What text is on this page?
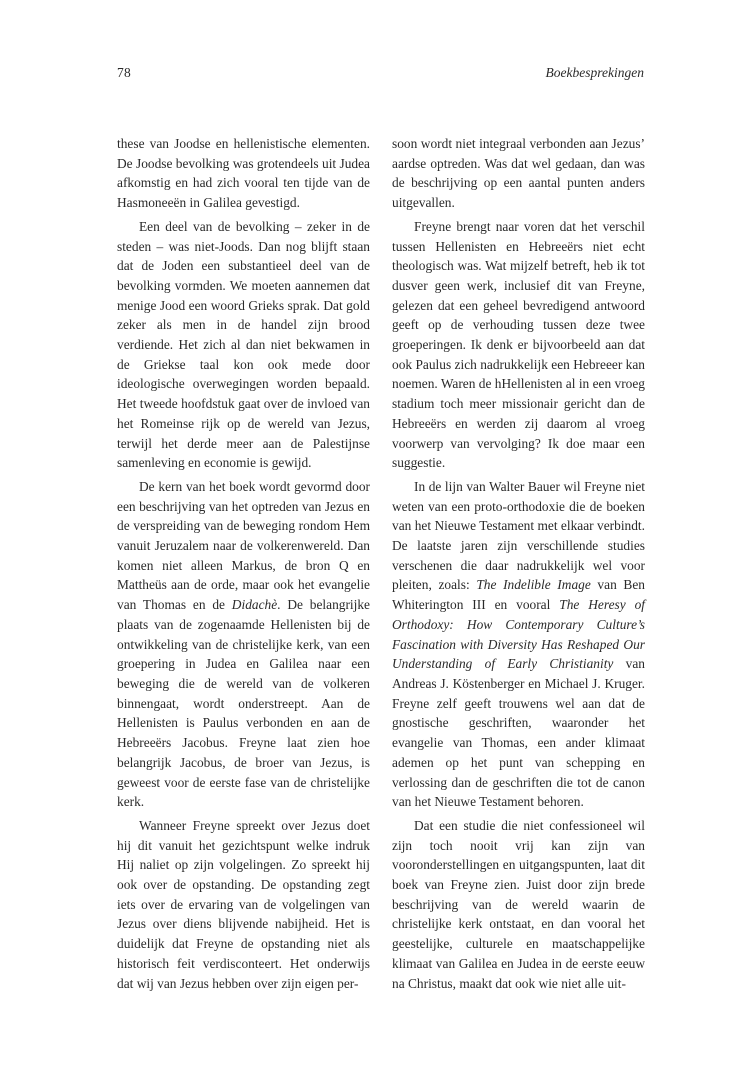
78	Boekbesprekingen

these van Joodse en hellenistische elementen. De Joodse bevolking was grotendeels uit Judea afkomstig en had zich vooral ten tijde van de Hasmoneeën in Galilea gevestigd.

Een deel van de bevolking – zeker in de steden – was niet-Joods. Dan nog blijft staan dat de Joden een substantieel deel van de bevolking vormden. We moeten aannemen dat menige Jood een woord Grieks sprak. Dat gold zeker als men in de handel zijn brood verdiende. Het zich al dan niet bekwamen in de Griekse taal kon ook mede door ideologische overwegingen worden bepaald. Het tweede hoofdstuk gaat over de invloed van het Romeinse rijk op de wereld van Jezus, terwijl het derde meer aan de Palestijnse samenleving en economie is gewijd.

De kern van het boek wordt gevormd door een beschrijving van het optreden van Jezus en de verspreiding van de beweging rondom Hem vanuit Jeruzalem naar de volkerenwereld. Dan komen niet alleen Markus, de bron Q en Mattheüs aan de orde, maar ook het evangelie van Thomas en de Didachè. De belangrijke plaats van de zogenaamde Hellenisten bij de ontwikkeling van de christelijke kerk, van een groepering in Judea en Galilea naar een beweging die de wereld van de volkeren binnengaat, wordt onderstreept. Aan de Hellenisten is Paulus verbonden en aan de Hebreeërs Jacobus. Freyne laat zien hoe belangrijk Jacobus, de broer van Jezus, is geweest voor de eerste fase van de christelijke kerk.

Wanneer Freyne spreekt over Jezus doet hij dit vanuit het gezichtspunt welke indruk Hij naliet op zijn volgelingen. Zo spreekt hij ook over de opstanding. De opstanding zegt iets over de ervaring van de volgelingen van Jezus over diens blijvende nabijheid. Het is duidelijk dat Freyne de opstanding niet als historisch feit verdisconteert. Het onderwijs dat wij van Jezus hebben over zijn eigen per-

soon wordt niet integraal verbonden aan Jezus’ aardse optreden. Was dat wel gedaan, dan was de beschrijving op een aantal punten anders uitgevallen.

Freyne brengt naar voren dat het verschil tussen Hellenisten en Hebreeërs niet echt theologisch was. Wat mijzelf betreft, heb ik tot dusver geen werk, inclusief dit van Freyne, gelezen dat een geheel bevredigend antwoord geeft op de verhouding tussen deze twee groeperingen. Ik denk er bijvoorbeeld aan dat ook Paulus zich nadrukkelijk een Hebreeer kan noemen. Waren de hHellenisten al in een vroeg stadium toch meer missionair gericht dan de Hebreeërs en werden zij daarom al vroeg voorwerp van vervolging? Ik doe maar een suggestie.

In de lijn van Walter Bauer wil Freyne niet weten van een proto-orthodoxie die de boeken van het Nieuwe Testament met elkaar verbindt. De laatste jaren zijn verschillende studies verschenen die daar nadrukkelijk wel voor pleiten, zoals: The Indelible Image van Ben Whiterington III en vooral The Heresy of Orthodoxy: How Contemporary Culture’s Fascination with Diversity Has Reshaped Our Understanding of Early Christianity van Andreas J. Köstenberger en Michael J. Kruger. Freyne zelf geeft trouwens wel aan dat de gnostische geschriften, waaronder het evangelie van Thomas, een ander klimaat ademen op het punt van schepping en verlossing dan de geschriften die tot de canon van het Nieuwe Testament behoren.

Dat een studie die niet confessioneel wil zijn toch nooit vrij kan zijn van vooronderstellingen en uitgangspunten, laat dit boek van Freyne zien. Juist door zijn brede beschrijving van de wereld waarin de christelijke kerk ontstaat, en dan vooral het geestelijke, culturele en maatschappelijke klimaat van Galilea en Judea in de eerste eeuw na Christus, maakt dat ook wie niet alle uit-
